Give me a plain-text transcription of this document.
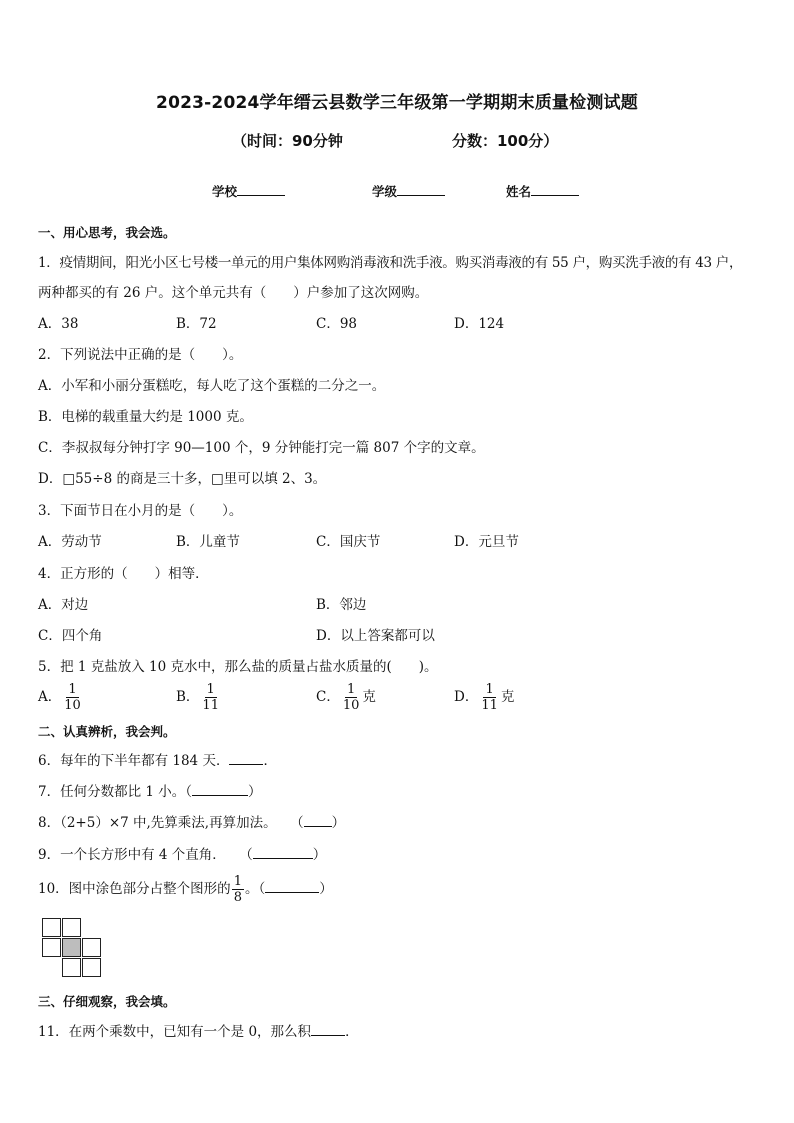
2023-2024学年缙云县数学三年级第一学期期末质量检测试题
（时间：90分钟	分数：100分）
学校	学级	姓名
一、用心思考，我会选。
1．疫情期间，阳光小区七号楼一单元的用户集体网购消毒液和洗手液。购买消毒液的有 55 户，购买洗手液的有 43 户，
两种都买的有 26 户。这个单元共有（　　）户参加了这次网购。
A．38	B．72	C．98	D．124
2．下列说法中正确的是（　　）。
A．小军和小丽分蛋糕吃，每人吃了这个蛋糕的二分之一。
B．电梯的载重量大约是 1000 克。
C．李叔叔每分钟打字 90—100 个，9 分钟能打完一篇 807 个字的文章。
D．□55÷8 的商是三十多，□里可以填 2、3。
3．下面节日在小月的是（　　）。
A．劳动节	B．儿童节	C．国庆节	D．元旦节
4．正方形的（　　）相等．
A．对边	B．邻边
C．四个角	D．以上答案都可以
5．把 1 克盐放入 10 克水中，那么盐的质量占盐水质量的(　　)。
A． $\frac{1}{10}$	B． $\frac{1}{11}$	C． $\frac{1}{10}$ 克	D． $\frac{1}{11}$ 克
二、认真辨析，我会判。
6．每年的下半年都有 184 天．	．
7．任何分数都比 1 小。（	）
8．（2+5）×7 中,先算乘法,再算加法。　　（ ）
9．一个长方形中有 4 个直角．　　（	）
10．图中涂色部分占整个图形的 $\frac{1}{8}$ 。（	）
三、仔细观察，我会填。
11．在两个乘数中，已知有一个是 0，那么积	．
